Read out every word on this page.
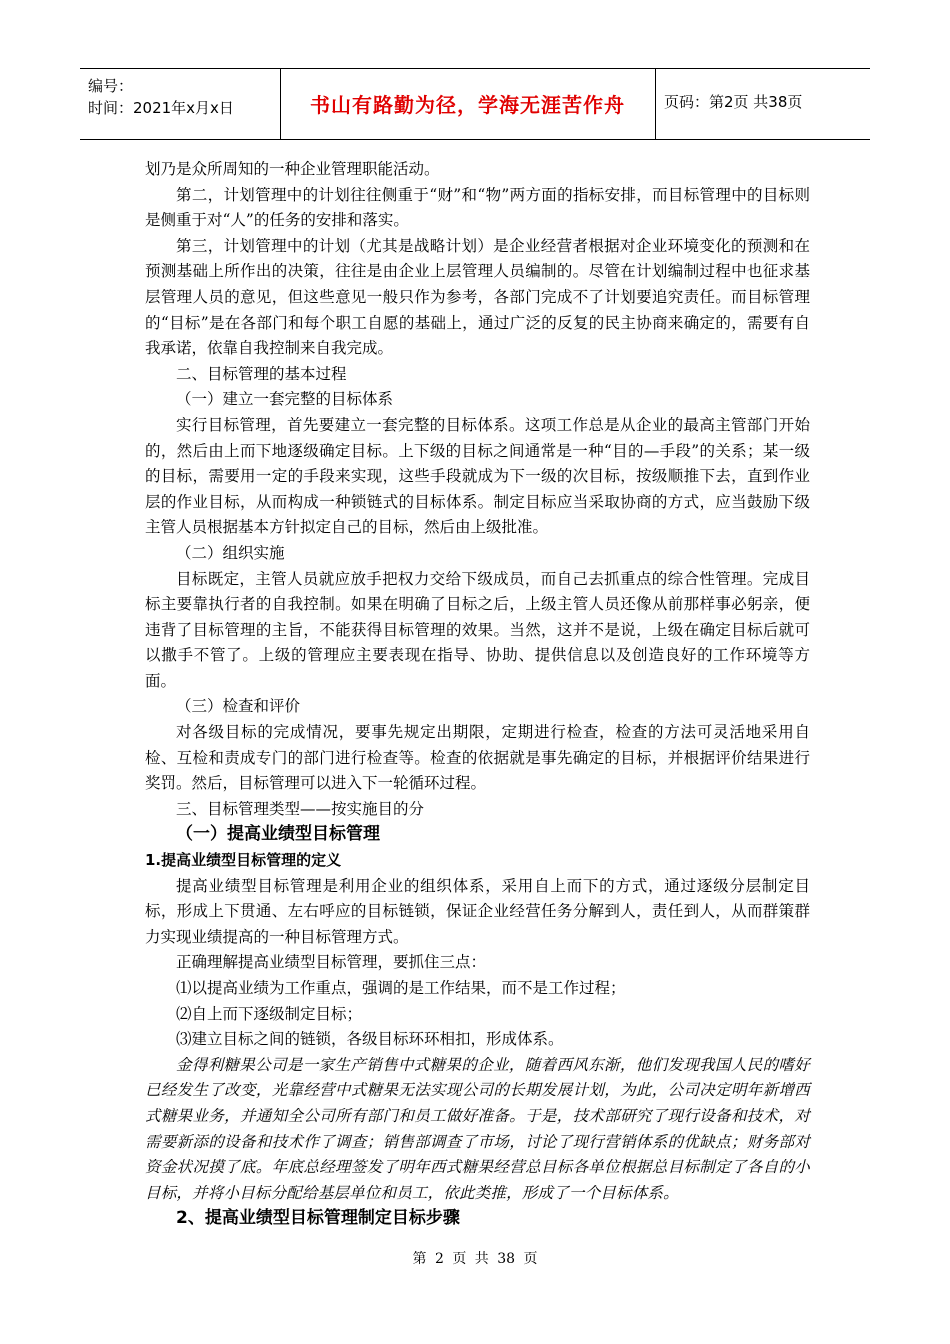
编号：
时间：2021年x月x日	书山有路勤为径，学海无涯苦作舟	页码：第2页 共38页

划乃是众所周知的一种企业管理职能活动。

第二，计划管理中的计划往往侧重于“财”和“物”两方面的指标安排，而目标管理中的目标则是侧重于对“人”的任务的安排和落实。

第三，计划管理中的计划（尤其是战略计划）是企业经营者根据对企业环境变化的预测和在预测基础上所作出的决策，往往是由企业上层管理人员编制的。尽管在计划编制过程中也征求基层管理人员的意见，但这些意见一般只作为参考，各部门完成不了计划要追究责任。而目标管理的“目标”是在各部门和每个职工自愿的基础上，通过广泛的反复的民主协商来确定的，需要有自我承诺，依靠自我控制来自我完成。

二、目标管理的基本过程

（一）建立一套完整的目标体系

实行目标管理，首先要建立一套完整的目标体系。这项工作总是从企业的最高主管部门开始的，然后由上而下地逐级确定目标。上下级的目标之间通常是一种“目的—手段”的关系；某一级的目标，需要用一定的手段来实现，这些手段就成为下一级的次目标，按级顺推下去，直到作业层的作业目标，从而构成一种锁链式的目标体系。制定目标应当采取协商的方式，应当鼓励下级主管人员根据基本方针拟定自己的目标，然后由上级批准。

（二）组织实施

目标既定，主管人员就应放手把权力交给下级成员，而自己去抓重点的综合性管理。完成目标主要靠执行者的自我控制。如果在明确了目标之后，上级主管人员还像从前那样事必躬亲，便违背了目标管理的主旨，不能获得目标管理的效果。当然，这并不是说，上级在确定目标后就可以撒手不管了。上级的管理应主要表现在指导、协助、提供信息以及创造良好的工作环境等方面。

（三）检查和评价

对各级目标的完成情况，要事先规定出期限，定期进行检查，检查的方法可灵活地采用自检、互检和责成专门的部门进行检查等。检查的依据就是事先确定的目标，并根据评价结果进行奖罚。然后，目标管理可以进入下一轮循环过程。

三、目标管理类型——按实施目的分

（一）提高业绩型目标管理

1.提高业绩型目标管理的定义

提高业绩型目标管理是利用企业的组织体系，采用自上而下的方式，通过逐级分层制定目标，形成上下贯通、左右呼应的目标链锁，保证企业经营任务分解到人，责任到人，从而群策群力实现业绩提高的一种目标管理方式。

正确理解提高业绩型目标管理，要抓住三点：

⑴以提高业绩为工作重点，强调的是工作结果，而不是工作过程；

⑵自上而下逐级制定目标；

⑶建立目标之间的链锁，各级目标环环相扣，形成体系。

金得利糖果公司是一家生产销售中式糖果的企业，随着西风东渐，他们发现我国人民的嗜好已经发生了改变，光靠经营中式糖果无法实现公司的长期发展计划，为此，公司决定明年新增西式糖果业务，并通知全公司所有部门和员工做好准备。于是，技术部研究了现行设备和技术，对需要新添的设备和技术作了调查；销售部调查了市场，讨论了现行营销体系的优缺点；财务部对资金状况摸了底。年底总经理签发了明年西式糖果经营总目标各单位根据总目标制定了各自的小目标，并将小目标分配给基层单位和员工，依此类推，形成了一个目标体系。

2、提高业绩型目标管理制定目标步骤

第 2 页 共 38 页
